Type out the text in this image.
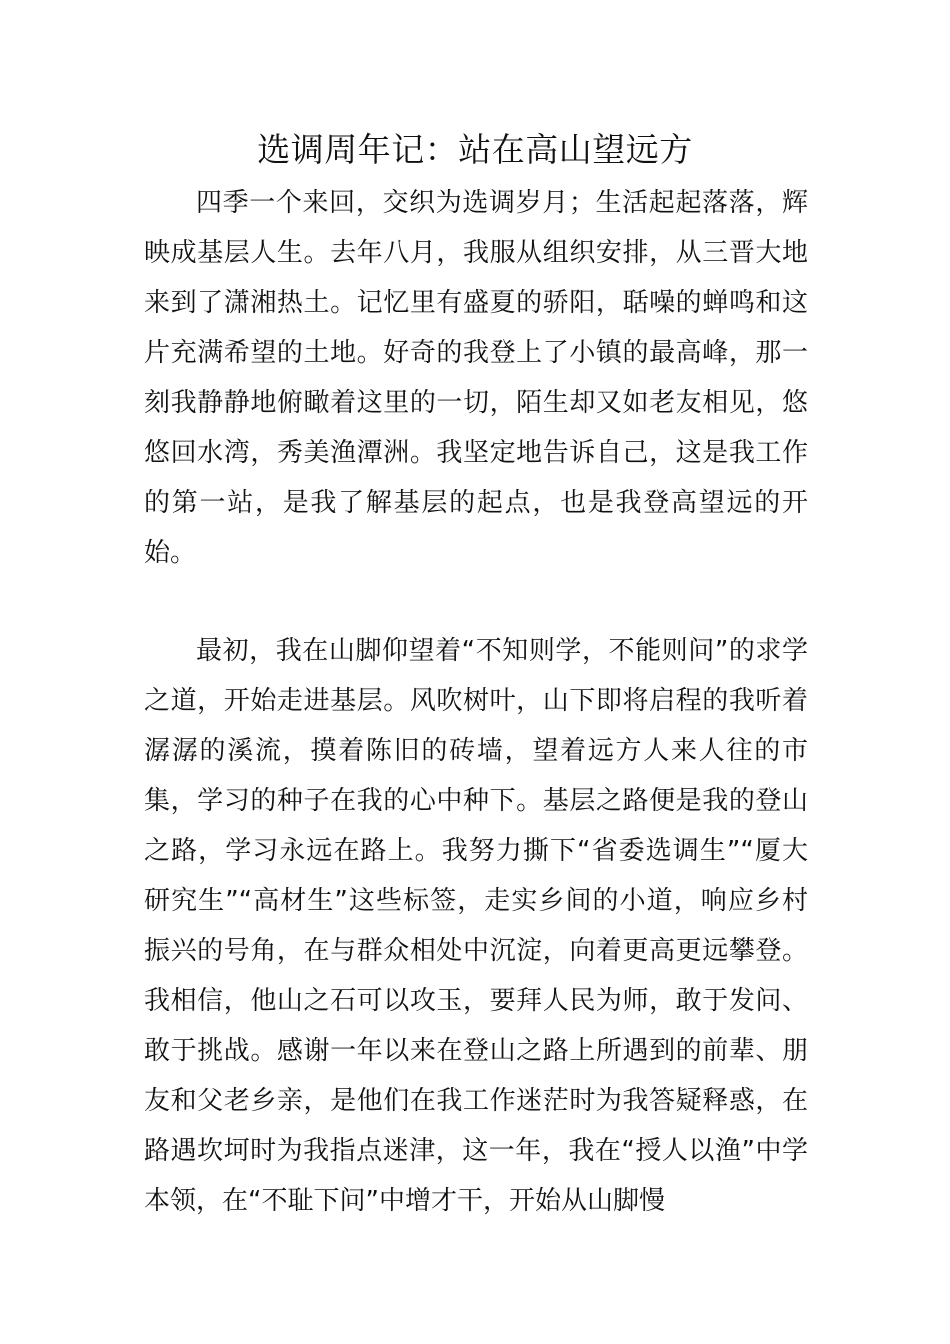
选调周年记：站在高山望远方

四季一个来回，交织为选调岁月；生活起起落落，辉映成基层人生。去年八月，我服从组织安排，从三晋大地来到了潇湘热土。记忆里有盛夏的骄阳，聒噪的蝉鸣和这片充满希望的土地。好奇的我登上了小镇的最高峰，那一刻我静静地俯瞰着这里的一切，陌生却又如老友相见，悠悠回水湾，秀美渔潭洲。我坚定地告诉自己，这是我工作的第一站，是我了解基层的起点，也是我登高望远的开始。

最初，我在山脚仰望着“不知则学，不能则问”的求学之道，开始走进基层。风吹树叶，山下即将启程的我听着潺潺的溪流，摸着陈旧的砖墙，望着远方人来人往的市集，学习的种子在我的心中种下。基层之路便是我的登山之路，学习永远在路上。我努力撕下“省委选调生”“厦大研究生”“高材生”这些标签，走实乡间的小道，响应乡村振兴的号角，在与群众相处中沉淀，向着更高更远攀登。我相信，他山之石可以攻玉，要拜人民为师，敢于发问、敢于挑战。感谢一年以来在登山之路上所遇到的前辈、朋友和父老乡亲，是他们在我工作迷茫时为我答疑释惑，在路遇坎坷时为我指点迷津，这一年，我在“授人以渔”中学本领，在“不耻下问”中增才干，开始从山脚慢
